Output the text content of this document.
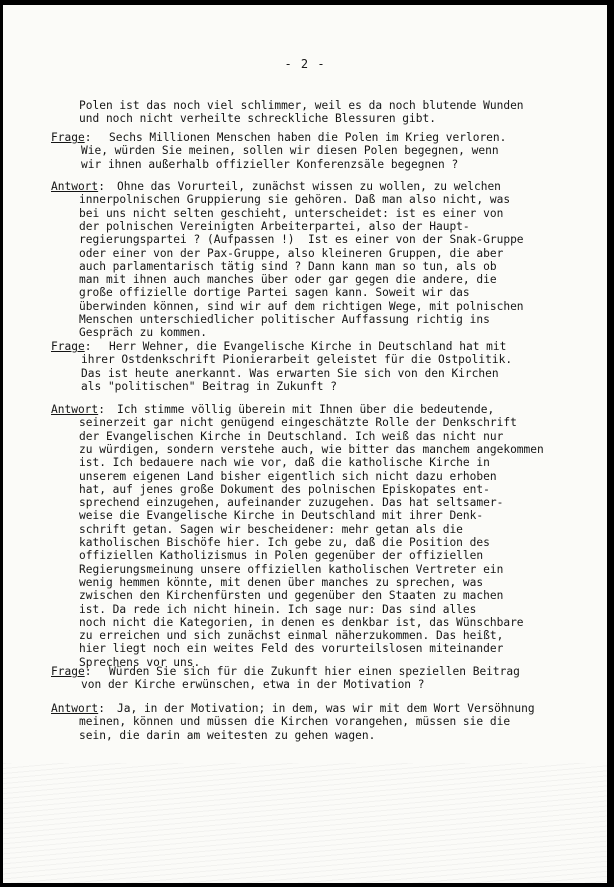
- 2 -
Polen ist das noch viel schlimmer, weil es da noch blutende Wunden
und noch nicht verheilte schreckliche Blessuren gibt.
Frage : Sechs Millionen Menschen haben die Polen im Krieg verloren.
Wie, würden Sie meinen, sollen wir diesen Polen begegnen, wenn
wir ihnen außerhalb offizieller Konferenzsäle begegnen ?
Antwort : Ohne das Vorurteil, zunächst wissen zu wollen, zu welchen
innerpolnischen Gruppierung sie gehören. Daß man also nicht, was
bei uns nicht selten geschieht, unterscheidet: ist es einer von
der polnischen Vereinigten Arbeiterpartei, also der Haupt-
regierungspartei ? (Aufpassen !)  Ist es einer von der Snak-Gruppe
oder einer von der Pax-Gruppe, also kleineren Gruppen, die aber
auch parlamentarisch tätig sind ? Dann kann man so tun, als ob
man mit ihnen auch manches über oder gar gegen die andere, die
große offizielle dortige Partei sagen kann. Soweit wir das
überwinden können, sind wir auf dem richtigen Wege, mit polnischen
Menschen unterschiedlicher politischer Auffassung richtig ins
Gespräch zu kommen.
Frage : Herr Wehner, die Evangelische Kirche in Deutschland hat mit
ihrer Ostdenkschrift Pionierarbeit geleistet für die Ostpolitik.
Das ist heute anerkannt. Was erwarten Sie sich von den Kirchen
als "politischen" Beitrag in Zukunft ?
Antwort : Ich stimme völlig überein mit Ihnen über die bedeutende,
seinerzeit gar nicht genügend eingeschätzte Rolle der Denkschrift
der Evangelischen Kirche in Deutschland. Ich weiß das nicht nur
zu würdigen, sondern verstehe auch, wie bitter das manchem angekommen
ist. Ich bedauere nach wie vor, daß die katholische Kirche in
unserem eigenen Land bisher eigentlich sich nicht dazu erhoben
hat, auf jenes große Dokument des polnischen Episkopates ent-
sprechend einzugehen, aufeinander zuzugehen. Das hat seltsamer-
weise die Evangelische Kirche in Deutschland mit ihrer Denk-
schrift getan. Sagen wir bescheidener: mehr getan als die
katholischen Bischöfe hier. Ich gebe zu, daß die Position des
offiziellen Katholizismus in Polen gegenüber der offiziellen
Regierungsmeinung unsere offiziellen katholischen Vertreter ein
wenig hemmen könnte, mit denen über manches zu sprechen, was
zwischen den Kirchenfürsten und gegenüber den Staaten zu machen
ist. Da rede ich nicht hinein. Ich sage nur: Das sind alles
noch nicht die Kategorien, in denen es denkbar ist, das Wünschbare
zu erreichen und sich zunächst einmal näherzukommen. Das heißt,
hier liegt noch ein weites Feld des vorurteilslosen miteinander
Sprechens vor uns.
Frage : Würden Sie sich für die Zukunft hier einen speziellen Beitrag
von der Kirche erwünschen, etwa in der Motivation ?
Antwort : Ja, in der Motivation; in dem, was wir mit dem Wort Versöhnung
meinen, können und müssen die Kirchen vorangehen, müssen sie die
sein, die darin am weitesten zu gehen wagen.
